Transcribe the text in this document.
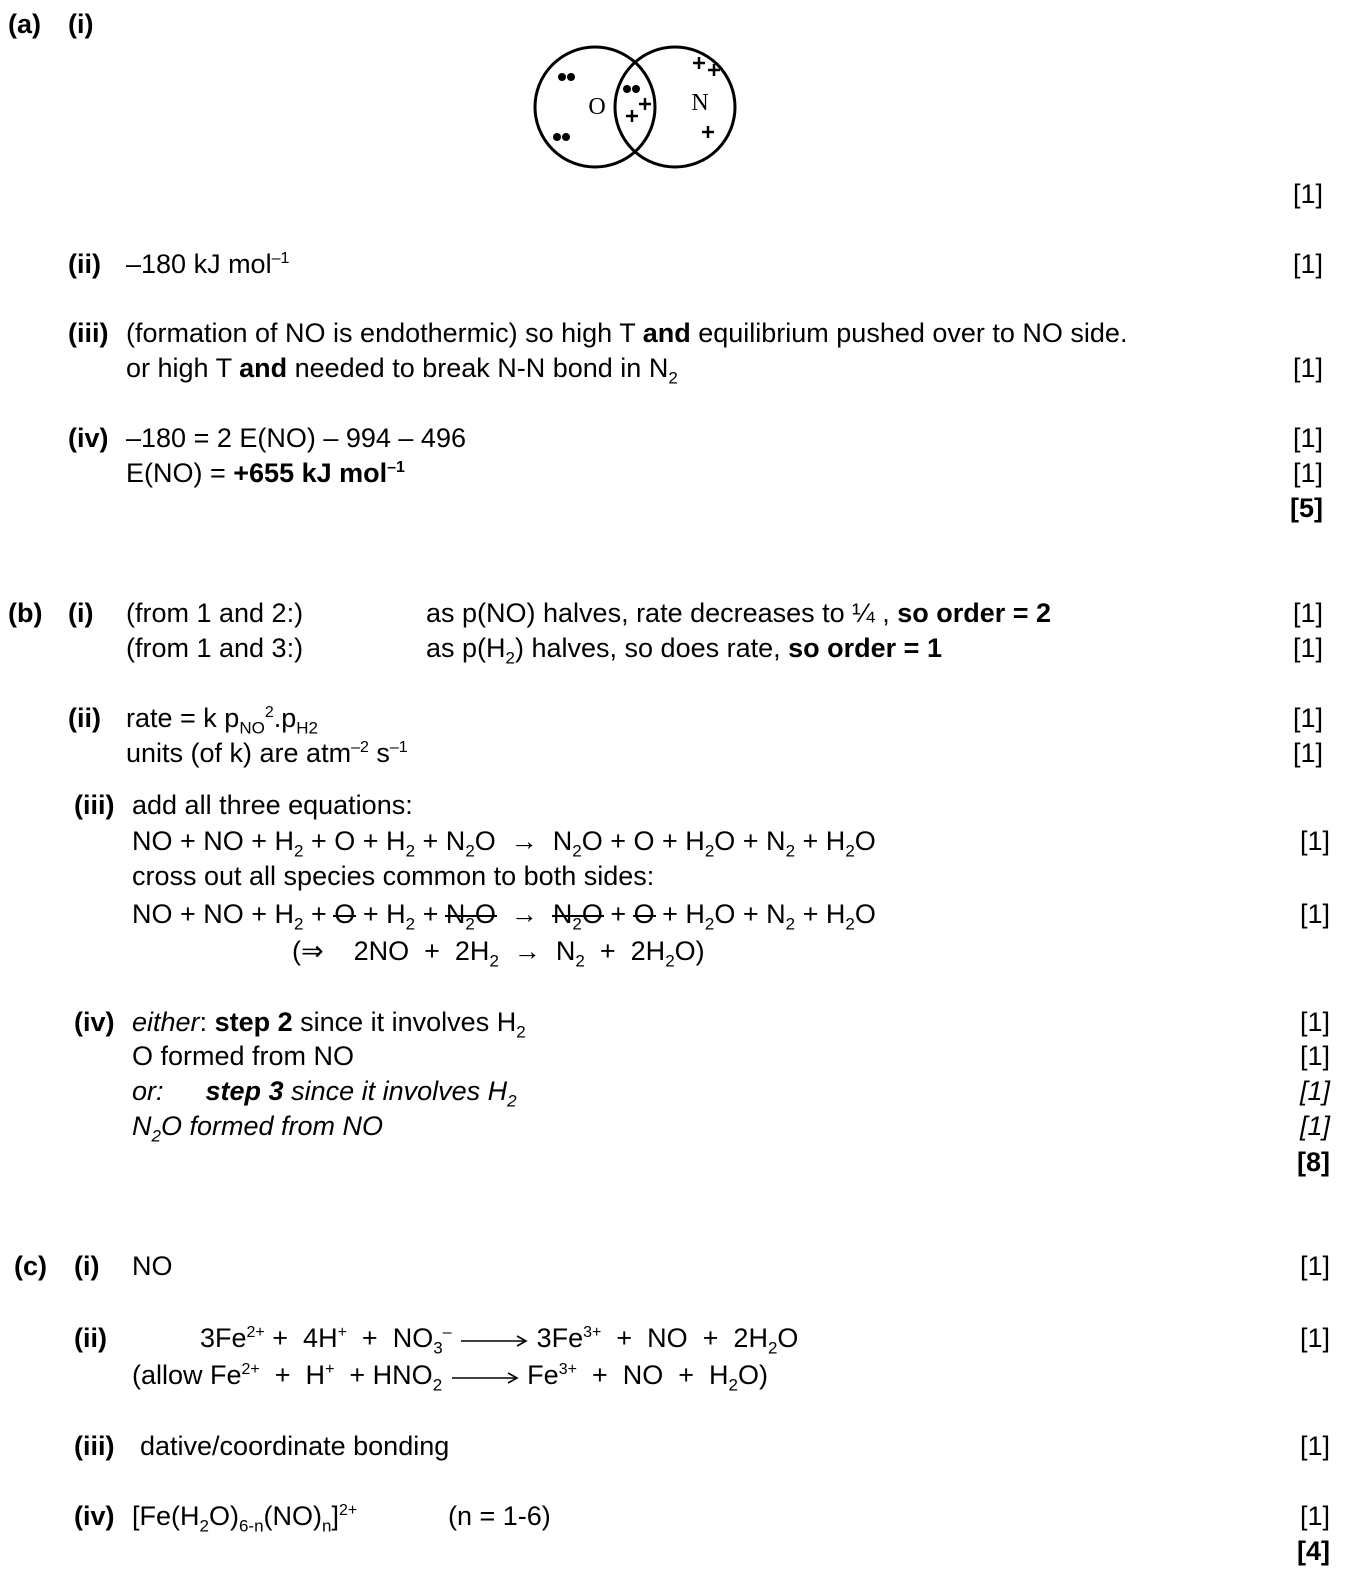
(a) (i)
O	N
[1]
(ii) –180 kJ mol$^{-1}$	[1]
(iii) (formation of NO is endothermic) so high T and equilibrium pushed over to NO side.
or high T and needed to break N-N bond in $N_2$	[1]
(iv) –180 = 2 E(NO) – 994 – 496	[1]
E(NO) = +655 kJ mol$^{-1}$	[1]
[5]
(b) (i) (from 1 and 2:)	as p(NO) halves, rate decreases to ¼ , so order = 2	[1]
(from 1 and 3:)	as $p(H_2)$ halves, so does rate, so order = 1	[1]
(ii) rate = k $p_{NO}^2.p_{H2}$	[1]
units (of k) are atm$^{-2}$ $s^{-1}$	[1]
(iii) add all three equations:
NO + NO + $H_2 + O + H_2 + N_2O \to N_2O + O + H_2O + N_2 + H_2O$	[1]
cross out all species common to both sides:
NO + NO + $H_2 + O + H_2 + N_2O \to N_2O + O + H_2O + N_2 + H_2O$	[1]
(⇒    $2NO + 2H_2 \to N_2 + 2H_2O$)
(iv) either: step 2 since it involves $H_2$	[1]
O formed from NO	[1]
or: step 3 since it involves $H_2$	[1]
$N_2O$ formed from NO	[1]
[8]
(c) (i) NO	[1]
(ii)	$3Fe^{2+} + 4H^+ + NO_3^-$	$3Fe^{3+}$  +  NO  +  $2H_2O$	[1]
(allow $Fe^{2+} + H^+ + HNO_2$	$Fe^{3+}$  +  NO  +  $H_2O$)
(iii) dative/coordinate bonding	[1]
(iv) $[Fe(H_2O)_{6-n}(NO)_n]^{2+}$	(n = 1-6)	[1]
[4]
